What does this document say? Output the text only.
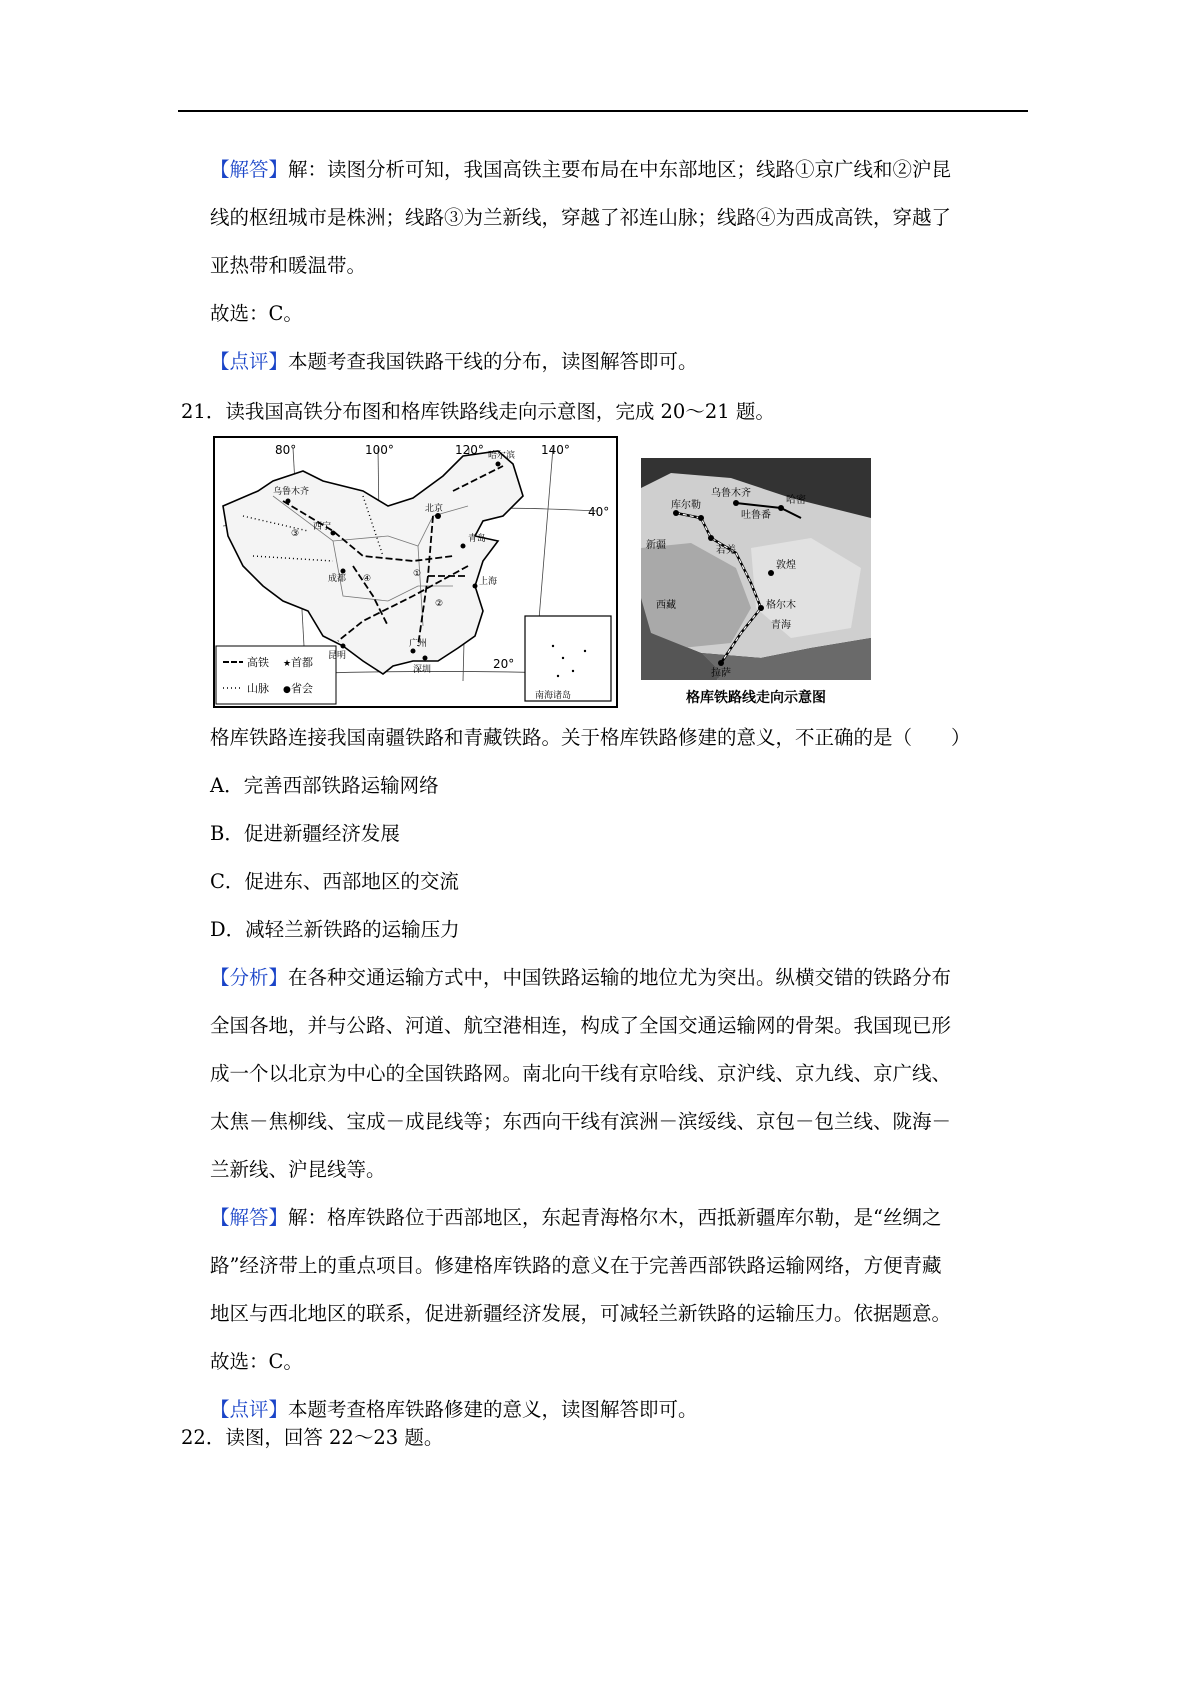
【解答】解：读图分析可知，我国高铁主要布局在中东部地区；线路①京广线和②沪昆
线的枢纽城市是株洲；线路③为兰新线，穿越了祁连山脉；线路④为西成高铁，穿越了
亚热带和暖温带。
故选：C。
【点评】本题考查我国铁路干线的分布，读图解答即可。
21．读我国高铁分布图和格库铁路线走向示意图，完成 20～21 题。
80°	100°	120°	140°
40°
20°
乌鲁木齐
哈尔滨
北京
西宁
成都
青岛
上海
昆明
广州
深圳
①
②
③
④
南海诸岛
高铁 首都
山脉 省会
★
●
乌鲁木齐
哈密
库尔勒
新疆
吐鲁番
若羌
敦煌
格尔木
西藏
青海
拉萨
格库铁路线走向示意图
格库铁路连接我国南疆铁路和青藏铁路。关于格库铁路修建的意义，不正确的是（　　）
A．完善西部铁路运输网络
B．促进新疆经济发展
C．促进东、西部地区的交流
D．减轻兰新铁路的运输压力
【分析】在各种交通运输方式中，中国铁路运输的地位尤为突出。纵横交错的铁路分布
全国各地，并与公路、河道、航空港相连，构成了全国交通运输网的骨架。我国现已形
成一个以北京为中心的全国铁路网。南北向干线有京哈线、京沪线、京九线、京广线、
太焦－焦柳线、宝成－成昆线等；东西向干线有滨洲－滨绥线、京包－包兰线、陇海－
兰新线、沪昆线等。
【解答】解：格库铁路位于西部地区，东起青海格尔木，西抵新疆库尔勒，是“丝绸之
路”经济带上的重点项目。修建格库铁路的意义在于完善西部铁路运输网络，方便青藏
地区与西北地区的联系，促进新疆经济发展，可减轻兰新铁路的运输压力。依据题意。
故选：C。
【点评】本题考查格库铁路修建的意义，读图解答即可。
22．读图，回答 22～23 题。
